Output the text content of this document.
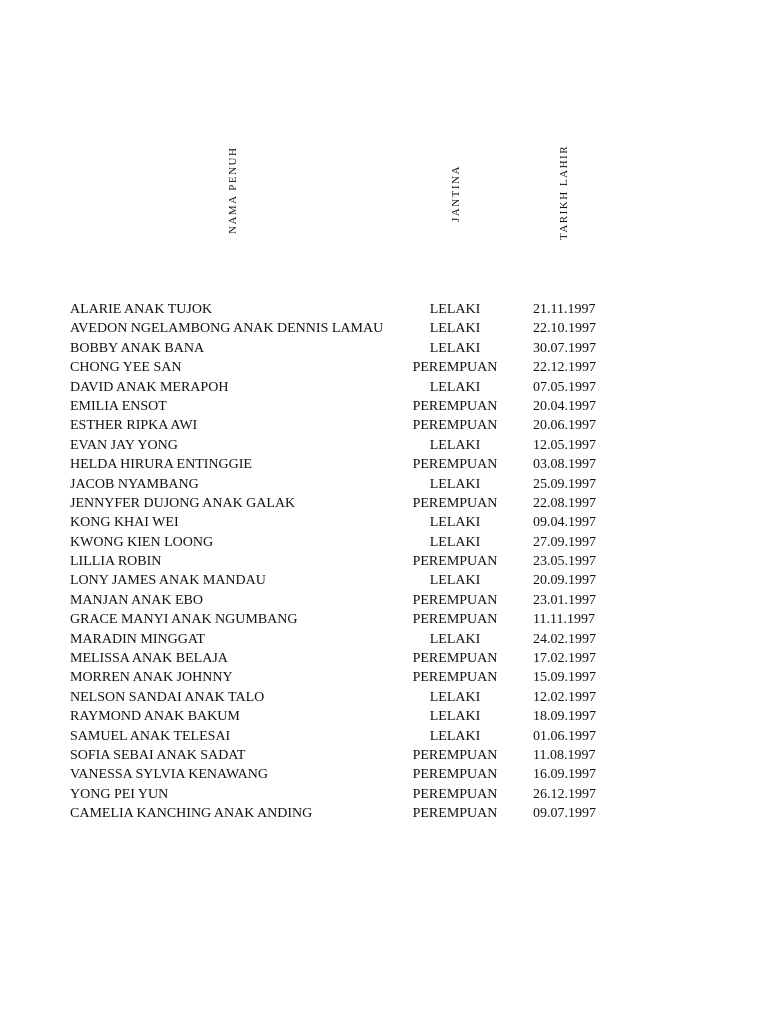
NAMA PENUH	JANTINA	TARIKH LAHIR
ALARIE ANAK TUJOK	LELAKI	21.11.1997
AVEDON NGELAMBONG ANAK DENNIS LAMAU	LELAKI	22.10.1997
BOBBY ANAK BANA	LELAKI	30.07.1997
CHONG YEE SAN	PEREMPUAN	22.12.1997
DAVID ANAK MERAPOH	LELAKI	07.05.1997
EMILIA ENSOT	PEREMPUAN	20.04.1997
ESTHER RIPKA AWI	PEREMPUAN	20.06.1997
EVAN JAY YONG	LELAKI	12.05.1997
HELDA HIRURA ENTINGGIE	PEREMPUAN	03.08.1997
JACOB NYAMBANG	LELAKI	25.09.1997
JENNYFER DUJONG ANAK GALAK	PEREMPUAN	22.08.1997
KONG KHAI WEI	LELAKI	09.04.1997
KWONG KIEN LOONG	LELAKI	27.09.1997
LILLIA ROBIN	PEREMPUAN	23.05.1997
LONY JAMES ANAK MANDAU	LELAKI	20.09.1997
MANJAN ANAK EBO	PEREMPUAN	23.01.1997
GRACE MANYI ANAK NGUMBANG	PEREMPUAN	11.11.1997
MARADIN MINGGAT	LELAKI	24.02.1997
MELISSA ANAK BELAJA	PEREMPUAN	17.02.1997
MORREN ANAK JOHNNY	PEREMPUAN	15.09.1997
NELSON SANDAI ANAK TALO	LELAKI	12.02.1997
RAYMOND ANAK BAKUM	LELAKI	18.09.1997
SAMUEL ANAK TELESAI	LELAKI	01.06.1997
SOFIA SEBAI ANAK SADAT	PEREMPUAN	11.08.1997
VANESSA SYLVIA KENAWANG	PEREMPUAN	16.09.1997
YONG PEI YUN	PEREMPUAN	26.12.1997
CAMELIA KANCHING ANAK ANDING	PEREMPUAN	09.07.1997
